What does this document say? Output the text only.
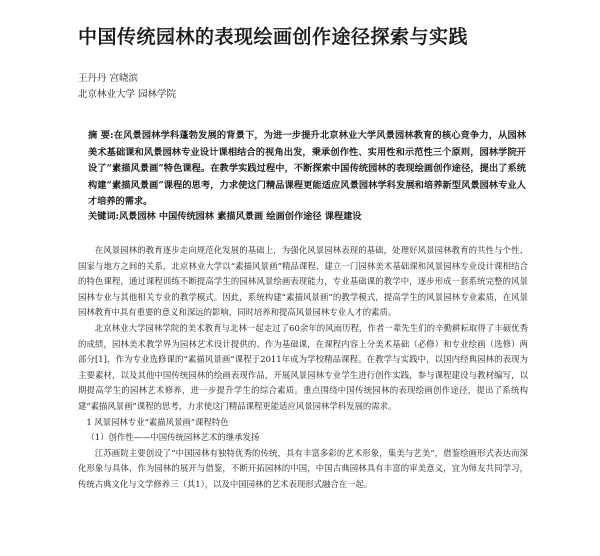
中国传统园林的表现绘画创作途径探索与实践
王丹丹 宫晓滨
北京林业大学 园林学院

摘 要:在风景园林学科蓬勃发展的背景下，为进一步提升北京林业大学风景园林教育的核心竞争力，从园林美术基础课和风景园林专业设计课相结合的视角出发，秉承创作性、实用性和示范性三个原则，园林学院开设了“素描风景画”特色课程。在教学实践过程中，不断探索中国传统园林的表现绘画创作途径，提出了系统构建“素描风景画”课程的思考，力求使这门精品课程更能适应风景园林学科发展和培养新型风景园林专业人才培养的需求。

关键词:风景园林 中国传统园林 素描风景画 绘画创作途径 课程建设

在风景园林的教育逐步走向规范化发展的基础上，为强化风景园林表现的基础，处理好风景园林教育的共性与个性、国家与地方之间的关系，北京林业大学以“素描风景画”精品课程、建立一门园林美术基础课和风景园林专业设计课相结合的特色课程，通过课程训练不断提高学生的园林风景绘画表现能力，专业基础课的教学中，逐步形成一套系统完整的风景园林专业与其他相关专业的教学模式。因此，系统构建“素描风景画”的教学模式，提高学生的风景园林专业素质，在风景园林教育中具有重要的意义和深远的影响，同时培养和提高风景园林专业人才的素质。

北京林业大学园林学院的美术教育与北林一起走过了60余年的风雨历程，作者一辈先生们的辛勤耕耘取得了丰硕优秀的成绩，园林美术教学界为园林艺术设计提供的、作为基础课，在课程内容上分美术基础（必修）和专业绘画（选修）两部分[1]，作为专业选修课的“素描风景画”课程于2011年成为学校精品课程。在教学与实践中，以国内经典园林的表现为主要素材，以及其他中国传统园林的绘画表现作品，开展风景园林专业学生进行创作实践，参与课程建设与教材编写，以期提高学生的园林艺术修养，进一步提升学生的综合素质。重点围绕中国传统园林的表现绘画创作途径，提出了系统构建“素描风景画”课程的思考，力求使这门精品课程更能适应风景园林学科发展的需求。

1 风景园林专业“素描风景画”课程特色

（1）创作性——中国传统园林艺术的继承发扬

江苏画院主要创设了“中国园林有独特优秀的传统，具有丰富多彩的艺术形象，集美与艺美”，借鉴绘画形式表达而深化形象与具体，作为园林的展开与借鉴，不断开拓园林的中国，中国古典园林具有丰富的审美意义，宜为师友共同学习，传统古典文化与文学修养三（其1），以及中国园林的艺术表现形式融合在一起。
